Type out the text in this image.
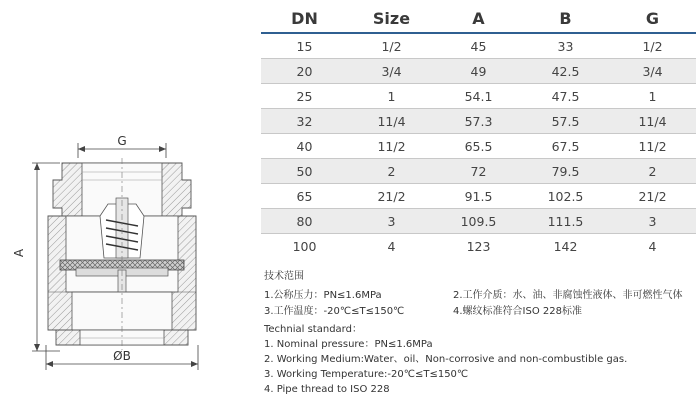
G
A
ØB
DN	Size	A	B	G
15	1/2	45	33	1/2
20	3/4	49	42.5	3/4
25	1	54.1	47.5	1
32	11/4	57.3	57.5	11/4
40	11/2	65.5	67.5	11/2
50	2	72	79.5	2
65	21/2	91.5	102.5	21/2
80	3	109.5	111.5	3
100	4	123	142	4
技术范围
1.公称压力：PN≤1.6MPa	2.工作介质：水、油、非腐蚀性液体、非可燃性气体
3.工作温度：-20℃≤T≤150℃	4.螺纹标准符合ISO 228标准
Technial standard：
1. Nominal pressure：PN≤1.6MPa
2. Working Medium:Water、oil、Non-corrosive and non-combustible gas.
3. Working Temperature:-20℃≤T≤150℃
4. Pipe thread to ISO 228
